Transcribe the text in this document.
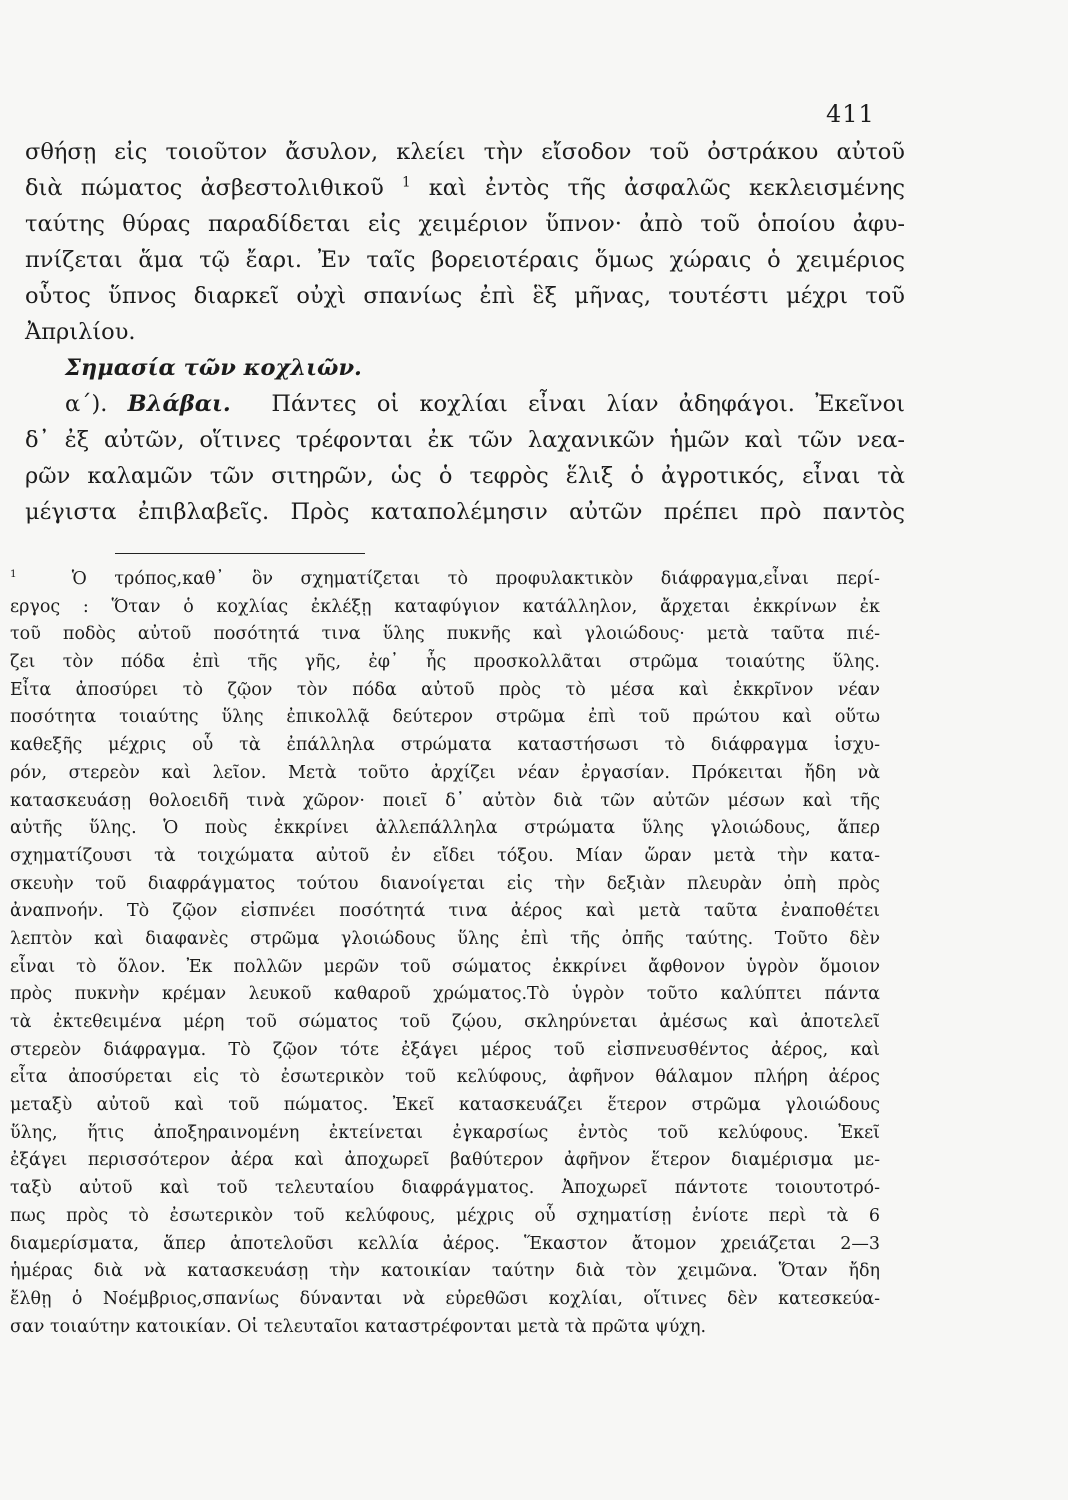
411
σθήσῃ εἰς τοιοῦτον ἄσυλον, κλείει τὴν εἴσοδον τοῦ ὀστράκου αὐτοῦ
διὰ πώματος ἀσβεστολιθικοῦ $^1$ καὶ ἐντὸς τῆς ἀσφαλῶς κεκλεισμένης
ταύτης θύρας παραδίδεται εἰς χειμέριον ὕπνον· ἀπὸ τοῦ ὁποίου ἀφυ-
πνίζεται ἅμα τῷ ἔαρι. Ἐν ταῖς βορειοτέραις ὅμως χώραις ὁ χειμέριος
οὗτος ὕπνος διαρκεῖ οὐχὶ σπανίως ἐπὶ ἓξ μῆνας, τουτέστι μέχρι τοῦ
Ἀπριλίου.
Σημασία τῶν κοχλιῶν.
α΄). Βλάβαι. Πάντες οἱ κοχλίαι εἶναι λίαν ἀδηφάγοι. Ἐκεῖνοι
δ᾽ ἐξ αὐτῶν, οἵτινες τρέφονται ἐκ τῶν λαχανικῶν ἡμῶν καὶ τῶν νεα-
ρῶν καλαμῶν τῶν σιτηρῶν, ὡς ὁ τεφρὸς ἕλιξ ὁ ἀγροτικός, εἶναι τὰ
μέγιστα ἐπιβλαβεῖς. Πρὸς καταπολέμησιν αὐτῶν πρέπει πρὸ παντὸς
$^1$	Ὁ τρόπος,καθ᾽ ὃν σχηματίζεται τὸ προφυλακτικὸν διάφραγμα,εἶναι περί-
εργος : Ὅταν ὁ κοχλίας ἐκλέξῃ καταφύγιον κατάλληλον, ἄρχεται ἐκκρίνων ἐκ
τοῦ ποδὸς αὐτοῦ ποσότητά τινα ὕλης πυκνῆς καὶ γλοιώδους· μετὰ ταῦτα πιέ-
ζει τὸν πόδα ἐπὶ τῆς γῆς, ἐφ᾽ ἧς προσκολλᾶται στρῶμα τοιαύτης ὕλης.
Εἶτα ἀποσύρει τὸ ζῷον τὸν πόδα αὐτοῦ πρὸς τὸ μέσα καὶ ἐκκρῖνον νέαν
ποσότητα τοιαύτης ὕλης ἐπικολλᾷ δεύτερον στρῶμα ἐπὶ τοῦ πρώτου καὶ οὕτω
καθεξῆς μέχρις οὗ τὰ ἐπάλληλα στρώματα καταστήσωσι τὸ διάφραγμα ἰσχυ-
ρόν, στερεὸν καὶ λεῖον. Μετὰ τοῦτο ἀρχίζει νέαν ἐργασίαν. Πρόκειται ἤδη νὰ
κατασκευάσῃ θολοειδῆ τινὰ χῶρον· ποιεῖ δ᾽ αὐτὸν διὰ τῶν αὐτῶν μέσων καὶ τῆς
αὐτῆς ὕλης. Ὁ ποὺς ἐκκρίνει ἀλλεπάλληλα στρώματα ὕλης γλοιώδους, ἅπερ
σχηματίζουσι τὰ τοιχώματα αὐτοῦ ἐν εἴδει τόξου. Μίαν ὥραν μετὰ τὴν κατα-
σκευὴν τοῦ διαφράγματος τούτου διανοίγεται εἰς τὴν δεξιὰν πλευρὰν ὀπὴ πρὸς
ἀναπνοήν. Τὸ ζῷον εἰσπνέει ποσότητά τινα ἀέρος καὶ μετὰ ταῦτα ἐναποθέτει
λεπτὸν καὶ διαφανὲς στρῶμα γλοιώδους ὕλης ἐπὶ τῆς ὀπῆς ταύτης. Τοῦτο δὲν
εἶναι τὸ ὅλον. Ἐκ πολλῶν μερῶν τοῦ σώματος ἐκκρίνει ἄφθονον ὑγρὸν ὅμοιον
πρὸς πυκνὴν κρέμαν λευκοῦ καθαροῦ χρώματος.Τὸ ὑγρὸν τοῦτο καλύπτει πάντα
τὰ ἐκτεθειμένα μέρη τοῦ σώματος τοῦ ζῴου, σκληρύνεται ἀμέσως καὶ ἀποτελεῖ
στερεὸν διάφραγμα. Τὸ ζῷον τότε ἐξάγει μέρος τοῦ εἰσπνευσθέντος ἀέρος, καὶ
εἶτα ἀποσύρεται εἰς τὸ ἐσωτερικὸν τοῦ κελύφους, ἀφῆνον θάλαμον πλήρη ἀέρος
μεταξὺ αὐτοῦ καὶ τοῦ πώματος. Ἐκεῖ κατασκευάζει ἕτερον στρῶμα γλοιώδους
ὕλης, ἥτις ἀποξηραινομένη ἐκτείνεται ἐγκαρσίως ἐντὸς τοῦ κελύφους. Ἐκεῖ
ἐξάγει περισσότερον ἀέρα καὶ ἀποχωρεῖ βαθύτερον ἀφῆνον ἕτερον διαμέρισμα με-
ταξὺ αὐτοῦ καὶ τοῦ τελευταίου διαφράγματος. Ἀποχωρεῖ πάντοτε τοιουτοτρό-
πως πρὸς τὸ ἐσωτερικὸν τοῦ κελύφους, μέχρις οὗ σχηματίσῃ ἐνίοτε περὶ τὰ 6
διαμερίσματα, ἅπερ ἀποτελοῦσι κελλία ἀέρος. Ἕκαστον ἄτομον χρειάζεται 2—3
ἡμέρας διὰ νὰ κατασκευάσῃ τὴν κατοικίαν ταύτην διὰ τὸν χειμῶνα. Ὅταν ἤδη
ἔλθῃ ὁ Νοέμβριος,σπανίως δύνανται νὰ εὑρεθῶσι κοχλίαι, οἵτινες δὲν κατεσκεύα-
σαν τοιαύτην κατοικίαν. Οἱ τελευταῖοι καταστρέφονται μετὰ τὰ πρῶτα ψύχη.
